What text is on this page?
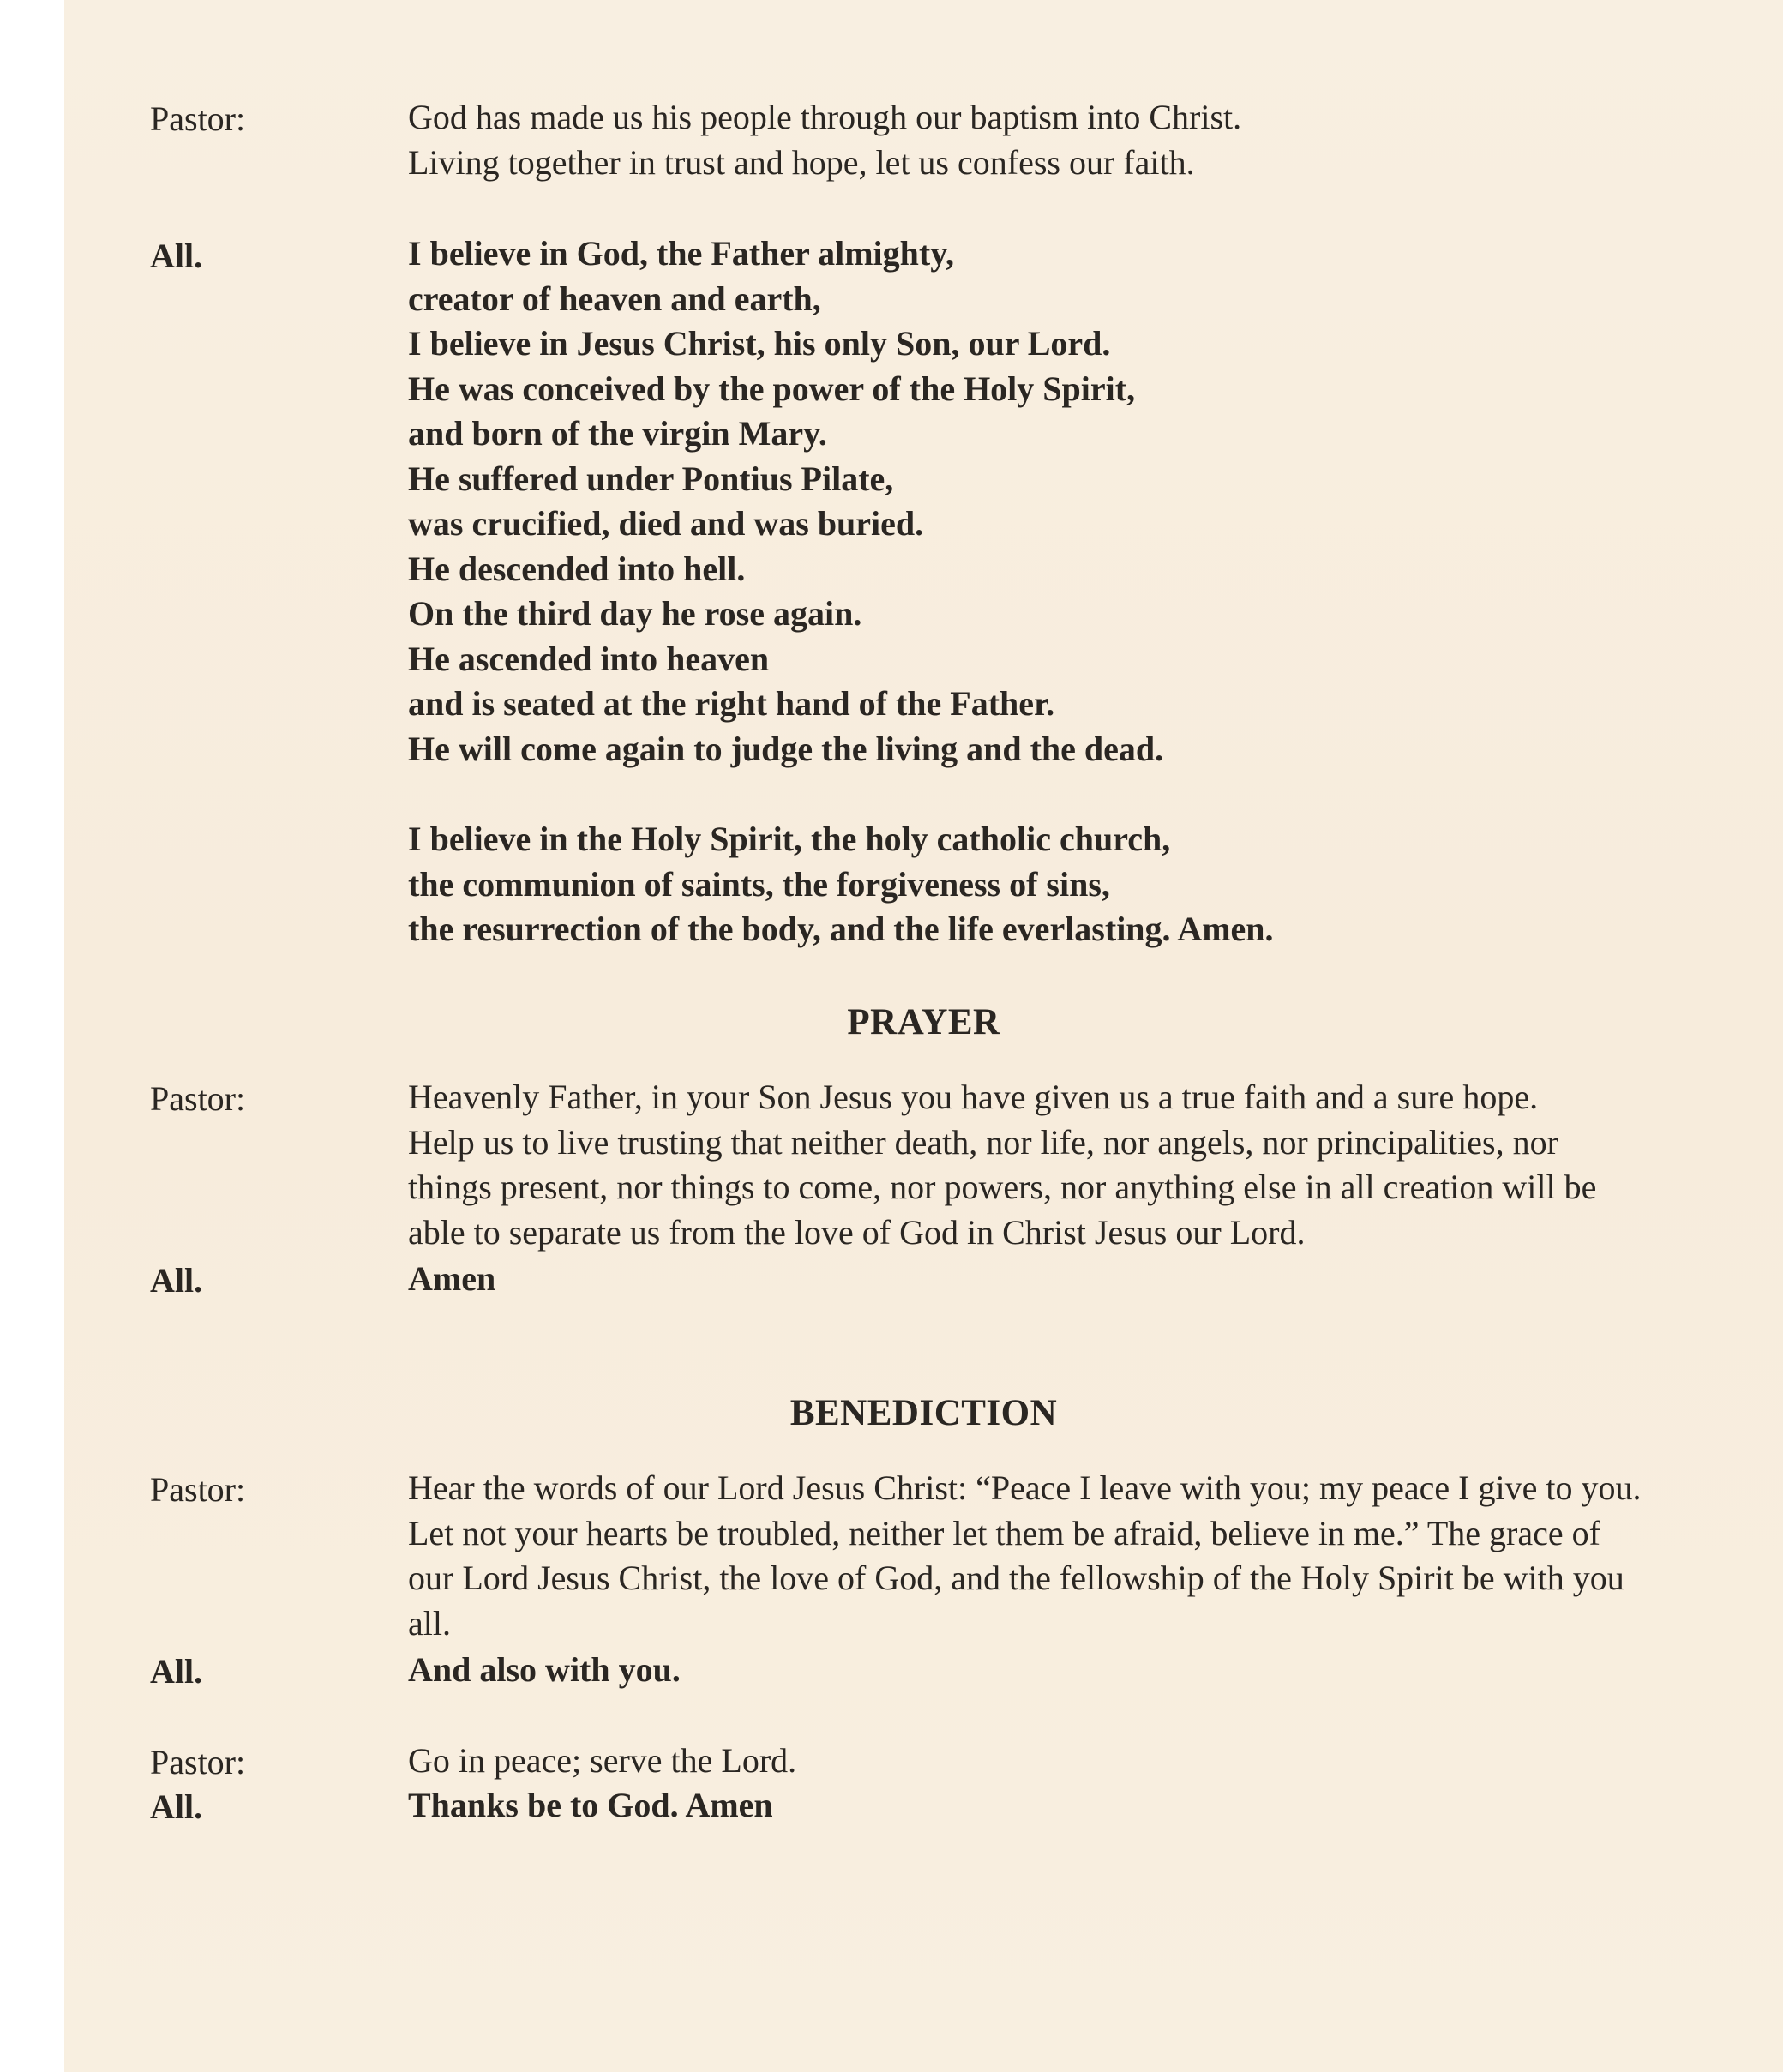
Pastor:	God has made us his people through our baptism into Christ.
Living together in trust and hope, let us confess our faith.
All.	I believe in God, the Father almighty,
creator of heaven and earth,
I believe in Jesus Christ, his only Son, our Lord.
He was conceived by the power of the Holy Spirit,
and born of the virgin Mary.
He suffered under Pontius Pilate,
was crucified, died and was buried.
He descended into hell.
On the third day he rose again.
He ascended into heaven
and is seated at the right hand of the Father.
He will come again to judge the living and the dead.
I believe in the Holy Spirit, the holy catholic church,
the communion of saints, the forgiveness of sins,
the resurrection of the body, and the life everlasting. Amen.
PRAYER
Pastor:	Heavenly Father, in your Son Jesus you have given us a true faith and a sure hope.
Help us to live trusting that neither death, nor life, nor angels, nor principalities, nor
things present, nor things to come, nor powers, nor anything else in all creation will be
able to separate us from the love of God in Christ Jesus our Lord.
All.	Amen
BENEDICTION
Pastor:	Hear the words of our Lord Jesus Christ: “Peace I leave with you; my peace I give to you.
Let not your hearts be troubled, neither let them be afraid, believe in me.” The grace of
our Lord Jesus Christ, the love of God, and the fellowship of the Holy Spirit be with you
all.
All.	And also with you.
Pastor:	Go in peace; serve the Lord.
All.	Thanks be to God. Amen
